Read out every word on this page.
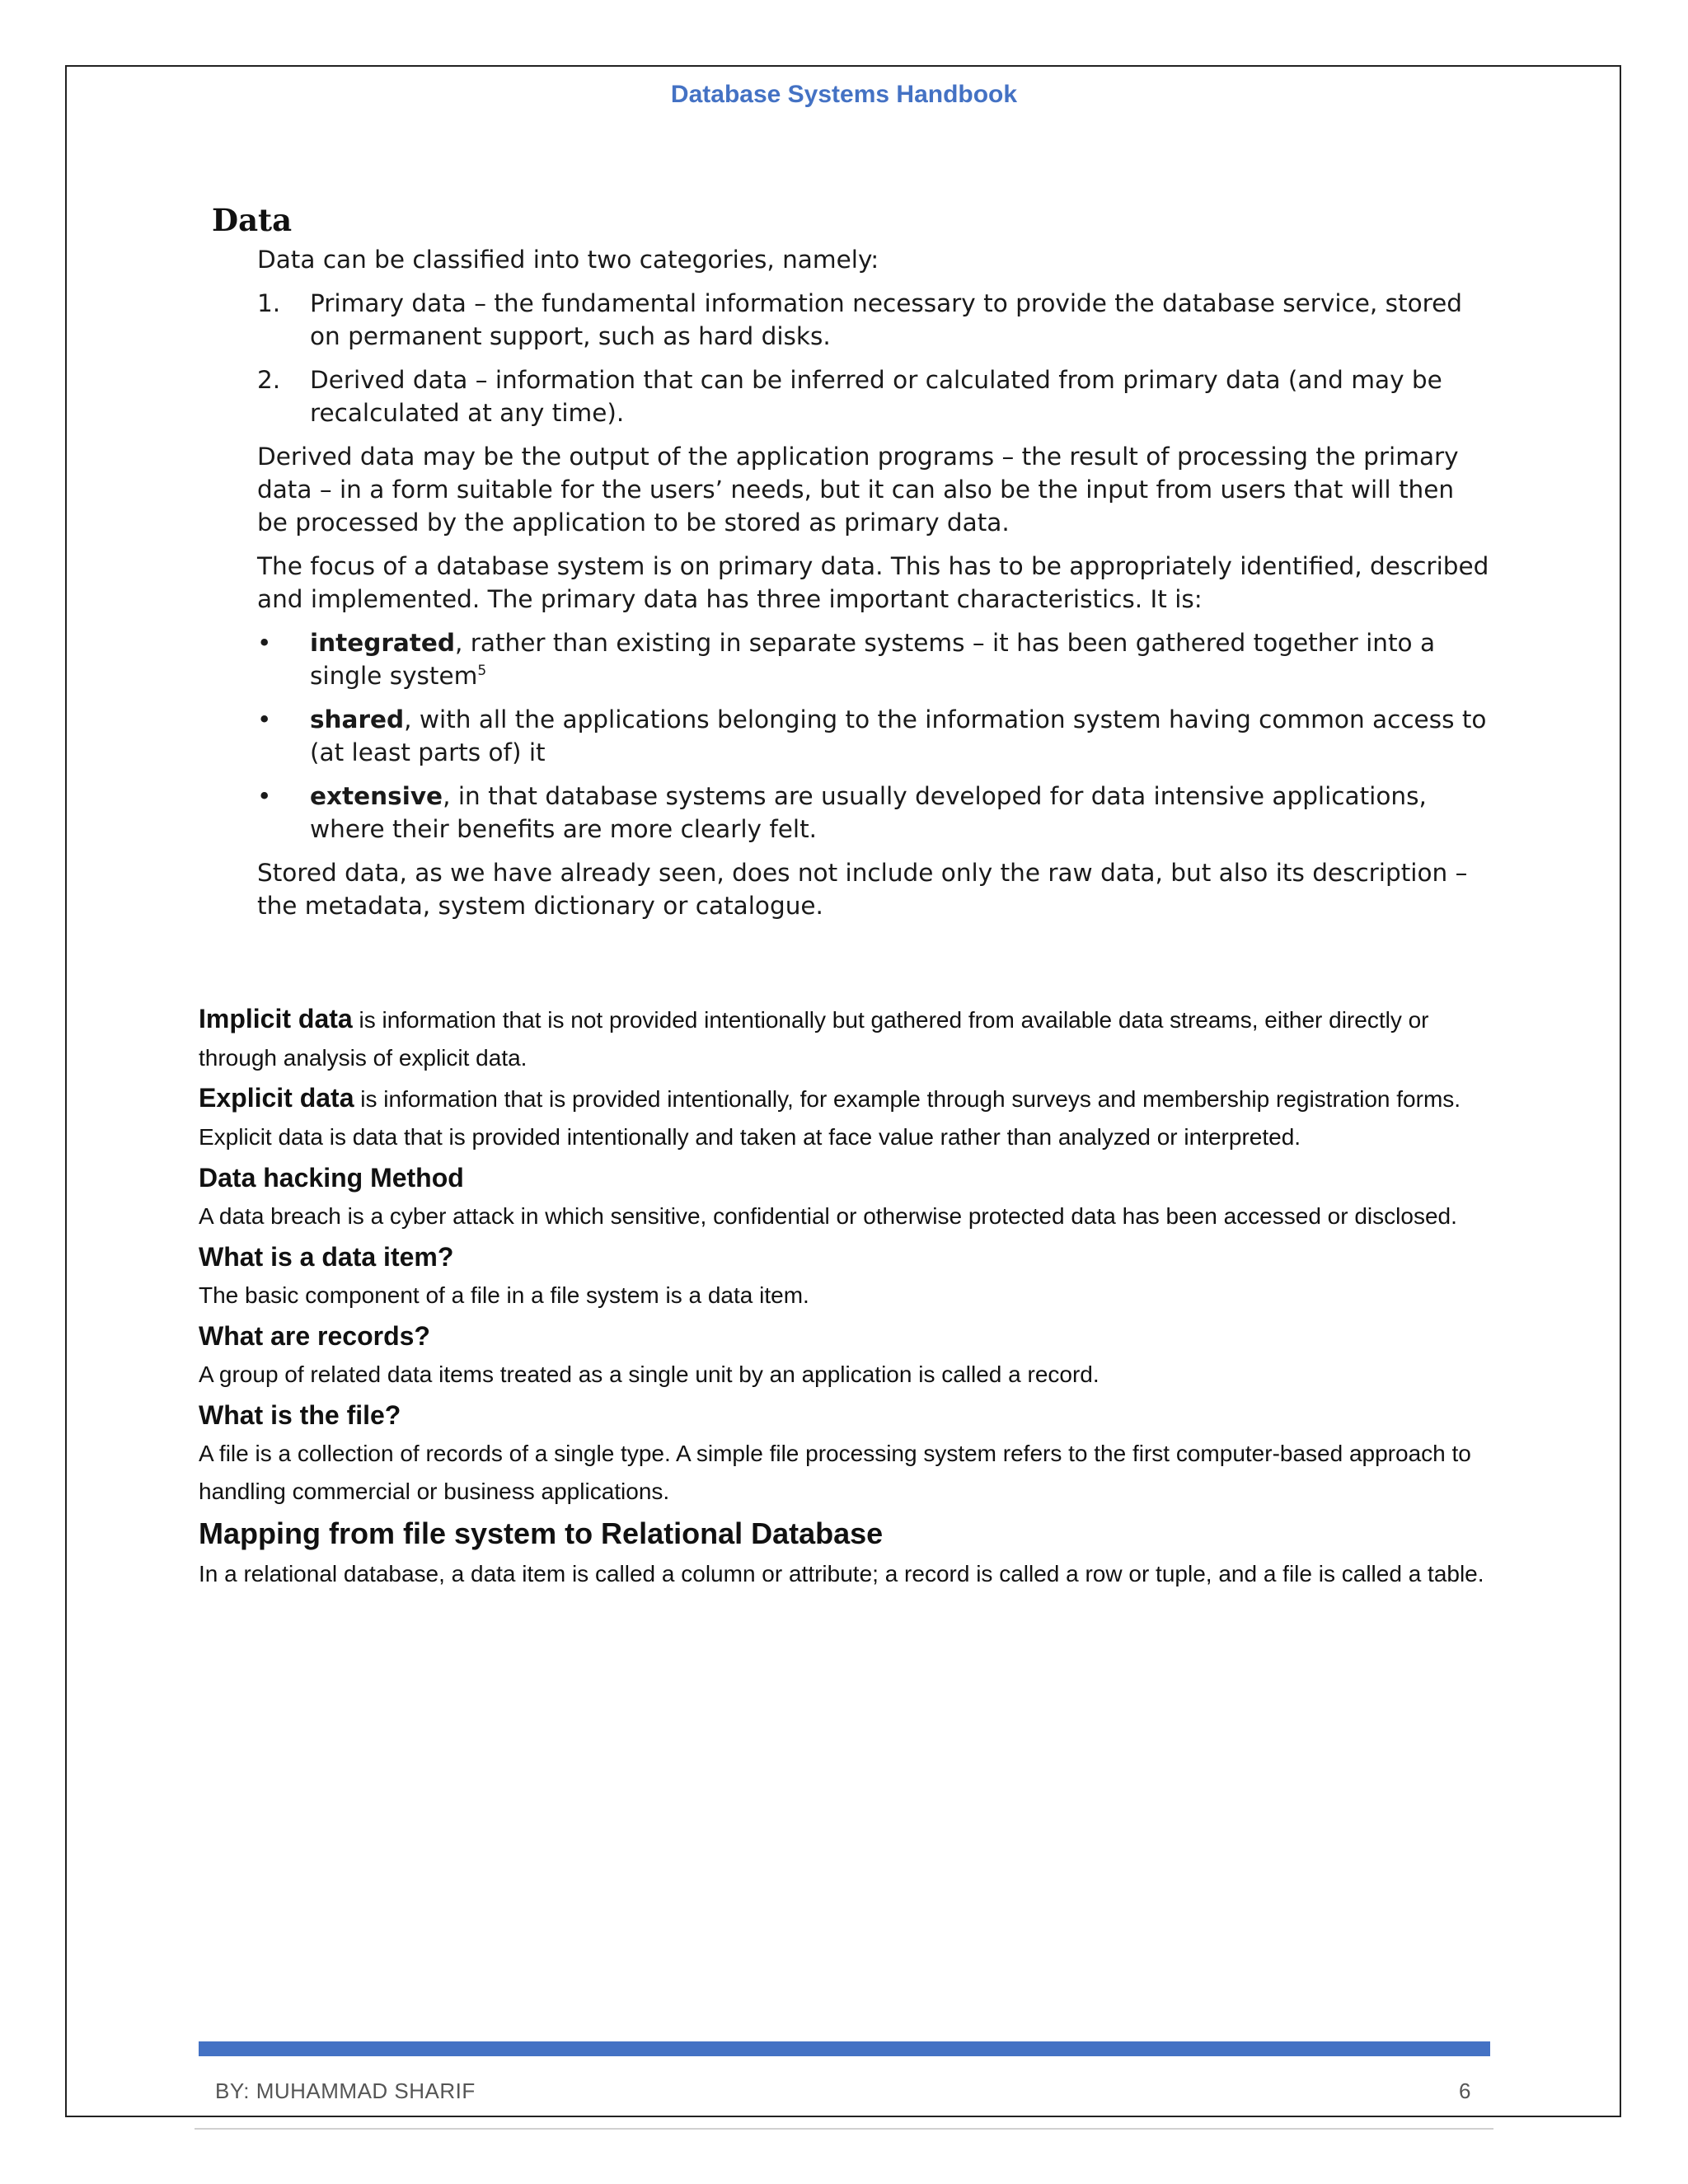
Database Systems Handbook
Data

Data can be classified into two categories, namely:

1. Primary data – the fundamental information necessary to provide the database service, stored on permanent support, such as hard disks.
2. Derived data – information that can be inferred or calculated from primary data (and may be recalculated at any time).

Derived data may be the output of the application programs – the result of processing the primary data – in a form suitable for the users’ needs, but it can also be the input from users that will then be processed by the application to be stored as primary data.

The focus of a database system is on primary data. This has to be appropriately identified, described and implemented. The primary data has three important characteristics. It is:

• integrated, rather than existing in separate systems – it has been gathered together into a single system$^5$
• shared, with all the applications belonging to the information system having common access to (at least parts of) it
• extensive, in that database systems are usually developed for data intensive applications, where their benefits are more clearly felt.

Stored data, as we have already seen, does not include only the raw data, but also its description – the metadata, system dictionary or catalogue.

Implicit data is information that is not provided intentionally but gathered from available data streams, either directly or through analysis of explicit data.

Explicit data is information that is provided intentionally, for example through surveys and membership registration forms. Explicit data is data that is provided intentionally and taken at face value rather than analyzed or interpreted.

Data hacking Method

A data breach is a cyber attack in which sensitive, confidential or otherwise protected data has been accessed or disclosed.

What is a data item?

The basic component of a file in a file system is a data item.

What are records?

A group of related data items treated as a single unit by an application is called a record.

What is the file?

A file is a collection of records of a single type. A simple file processing system refers to the first computer-based approach to handling commercial or business applications.

Mapping from file system to Relational Database

In a relational database, a data item is called a column or attribute; a record is called a row or tuple, and a file is called a table.

BY: MUHAMMAD SHARIF	6
